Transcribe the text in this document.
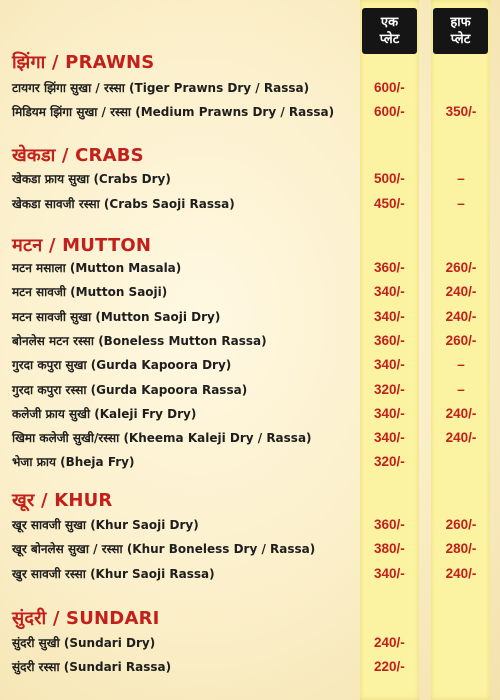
एक
प्लेट
हाफ
प्लेट
झिंगा / PRAWNS
टायगर झिंगा सुखा / रस्सा (Tiger Prawns Dry / Rassa)	600/-
मिडियम झिंगा सुखा / रस्सा (Medium Prawns Dry / Rassa)	600/-	350/-
खेकडा / CRABS
खेकडा फ्राय सुखा (Crabs Dry)	500/-	–
खेकडा सावजी रस्सा (Crabs Saoji Rassa)	450/-	–
मटन / MUTTON
मटन मसाला (Mutton Masala)	360/-	260/-
मटन सावजी (Mutton Saoji)	340/-	240/-
मटन सावजी सुखा (Mutton Saoji Dry)	340/-	240/-
बोनलेस मटन रस्सा (Boneless Mutton Rassa)	360/-	260/-
गुरदा कपुरा सुखा (Gurda Kapoora Dry)	340/-	–
गुरदा कपुरा रस्सा (Gurda Kapoora Rassa)	320/-	–
कलेजी फ्राय सुखी (Kaleji Fry Dry)	340/-	240/-
खिमा कलेजी सुखी/रस्सा (Kheema Kaleji Dry / Rassa)	340/-	240/-
भेजा फ्राय (Bheja Fry)	320/-
खूर / KHUR
खूर सावजी सुखा (Khur Saoji Dry)	360/-	260/-
खूर बोनलेस सुखा / रस्सा (Khur Boneless Dry / Rassa)	380/-	280/-
खुर सावजी रस्सा (Khur Saoji Rassa)	340/-	240/-
सुंदरी / SUNDARI
सुंदरी सुखी (Sundari Dry)	240/-
सुंदरी रस्सा (Sundari Rassa)	220/-
